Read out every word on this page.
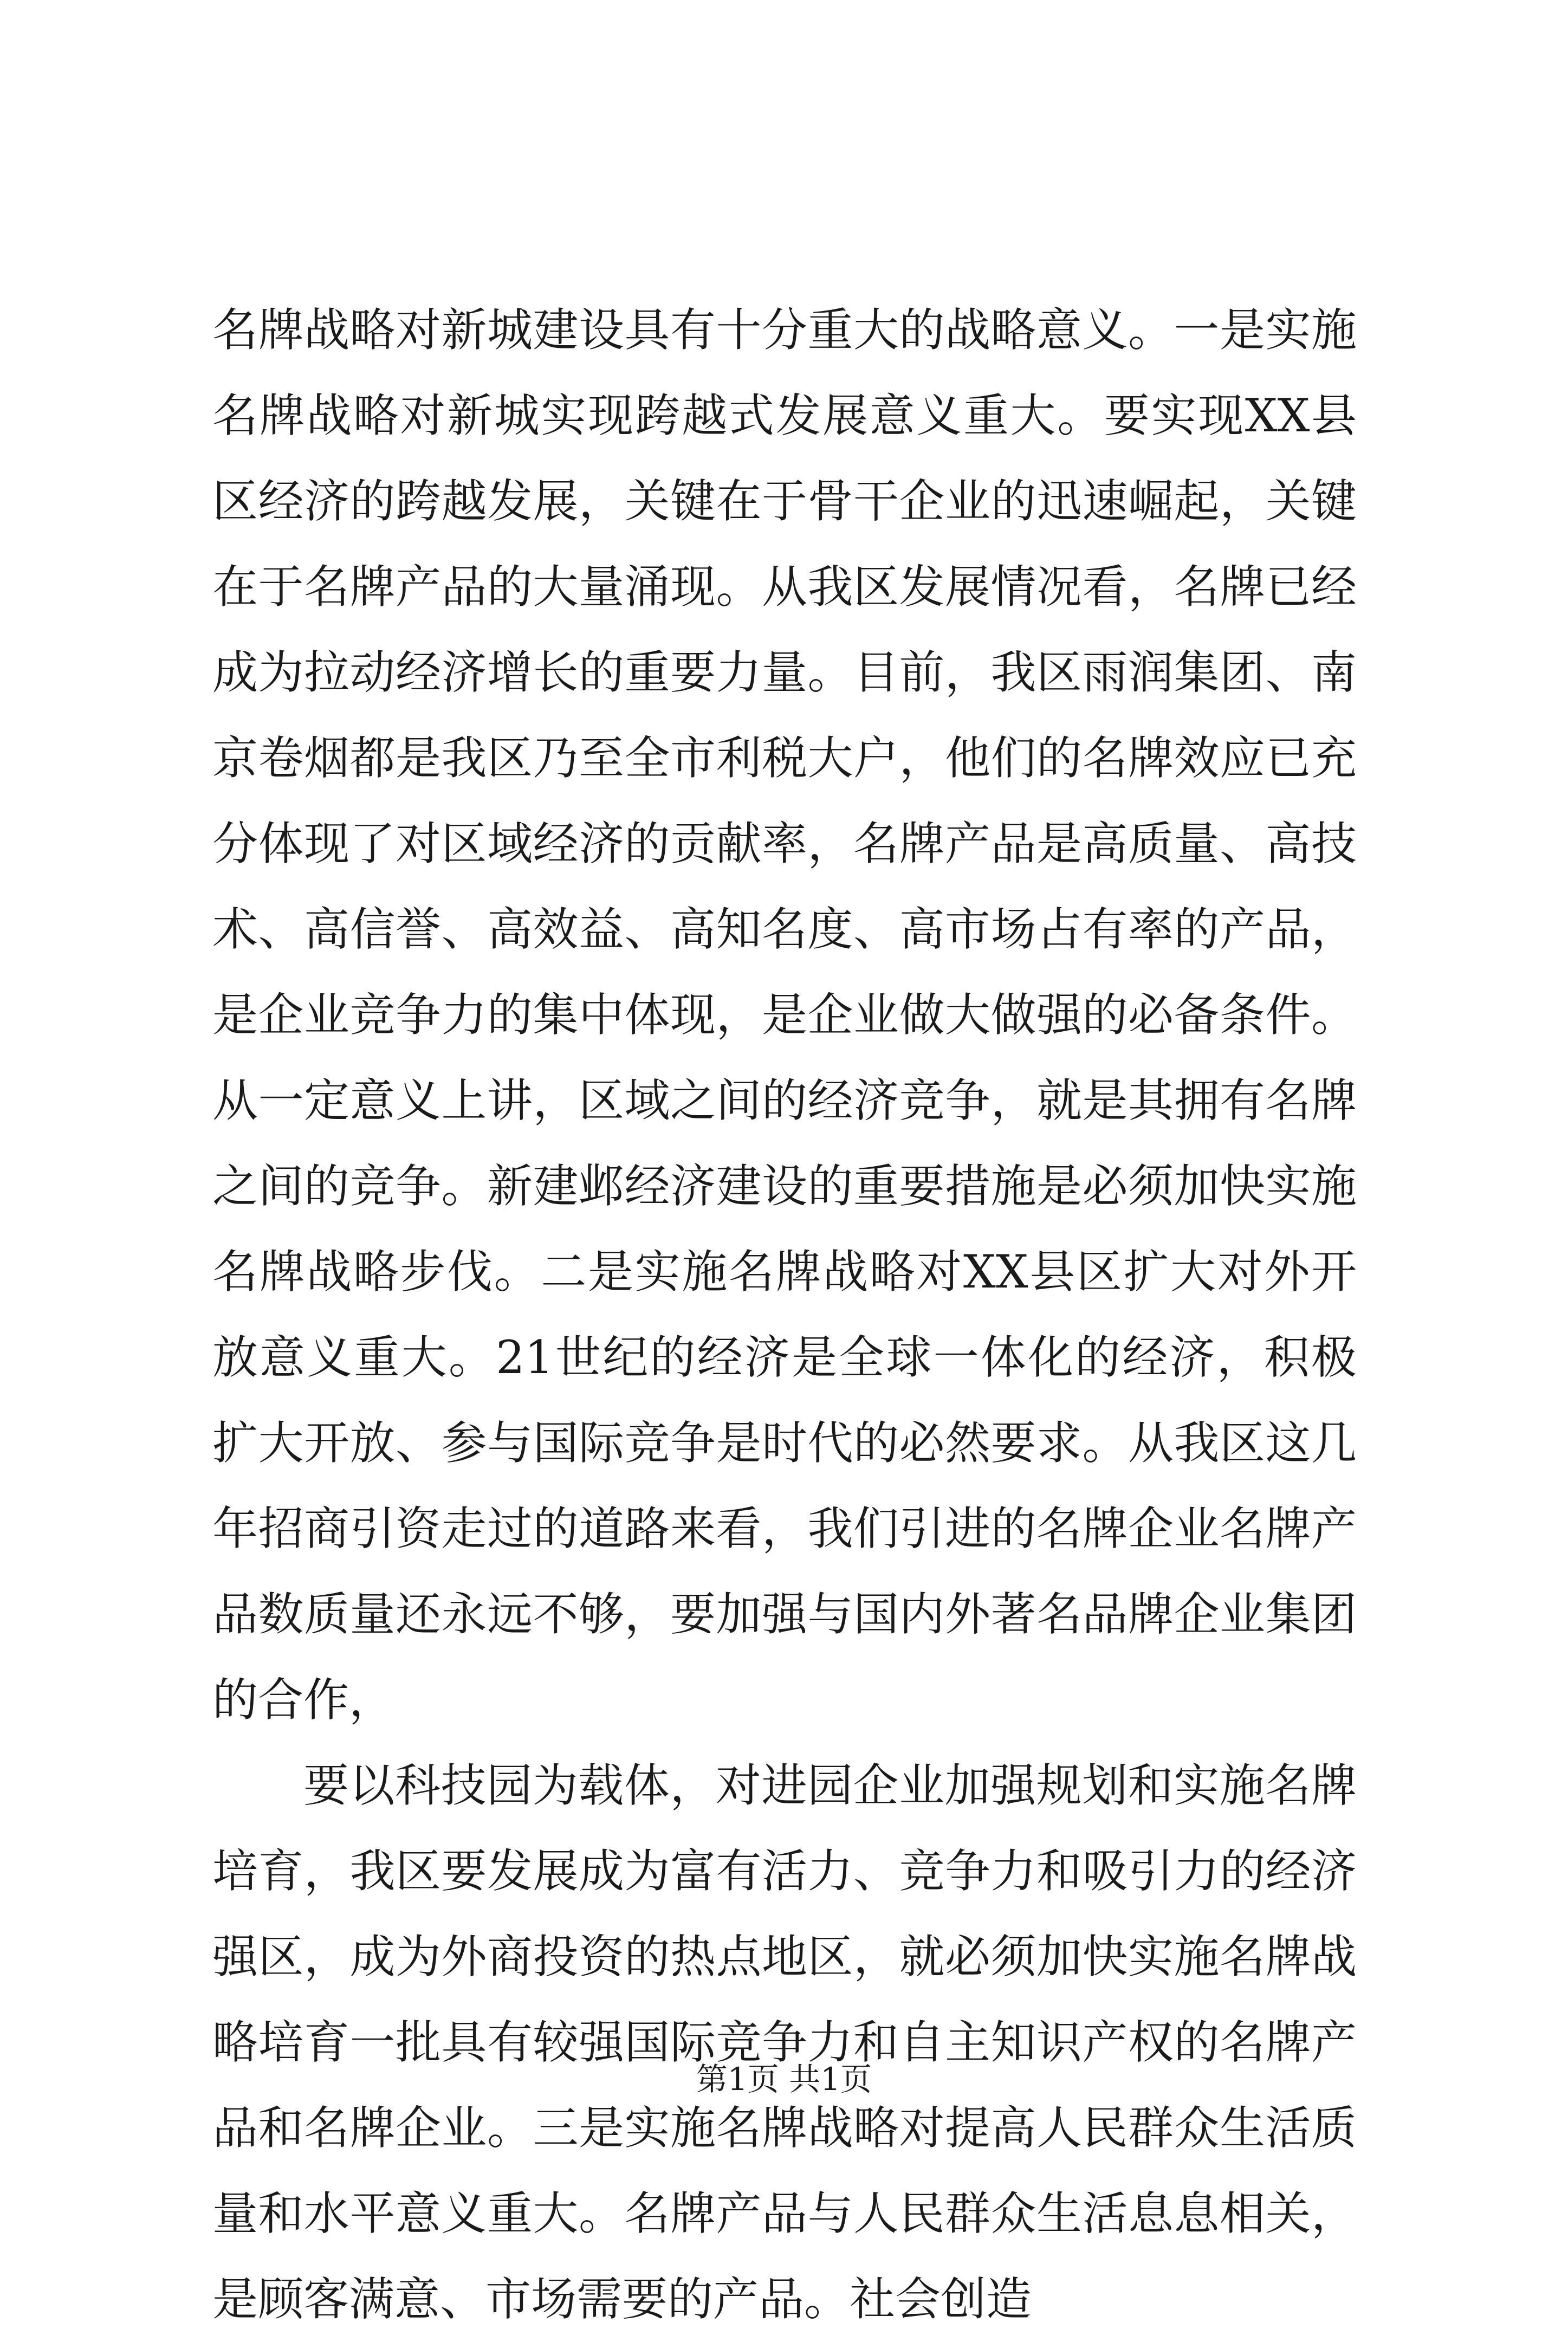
名牌战略对新城建设具有十分重大的战略意义。一是实施名牌战略对新城实现跨越式发展意义重大。要实现XX县区经济的跨越发展，关键在于骨干企业的迅速崛起，关键在于名牌产品的大量涌现。从我区发展情况看，名牌已经成为拉动经济增长的重要力量。目前，我区雨润集团、南京卷烟都是我区乃至全市利税大户，他们的名牌效应已充分体现了对区域经济的贡献率，名牌产品是高质量、高技术、高信誉、高效益、高知名度、高市场占有率的产品，是企业竞争力的集中体现，是企业做大做强的必备条件。从一定意义上讲，区域之间的经济竞争，就是其拥有名牌之间的竞争。新建邺经济建设的重要措施是必须加快实施名牌战略步伐。二是实施名牌战略对XX县区扩大对外开放意义重大。21世纪的经济是全球一体化的经济，积极扩大开放、参与国际竞争是时代的必然要求。从我区这几年招商引资走过的道路来看，我们引进的名牌企业名牌产品数质量还永远不够，要加强与国内外著名品牌企业集团的合作，

要以科技园为载体，对进园企业加强规划和实施名牌培育，我区要发展成为富有活力、竞争力和吸引力的经济强区，成为外商投资的热点地区，就必须加快实施名牌战略培育一批具有较强国际竞争力和自主知识产权的名牌产品和名牌企业。三是实施名牌战略对提高人民群众生活质量和水平意义重大。名牌产品与人民群众生活息息相关，是顾客满意、市场需要的产品。社会创造

第1页 共1页
